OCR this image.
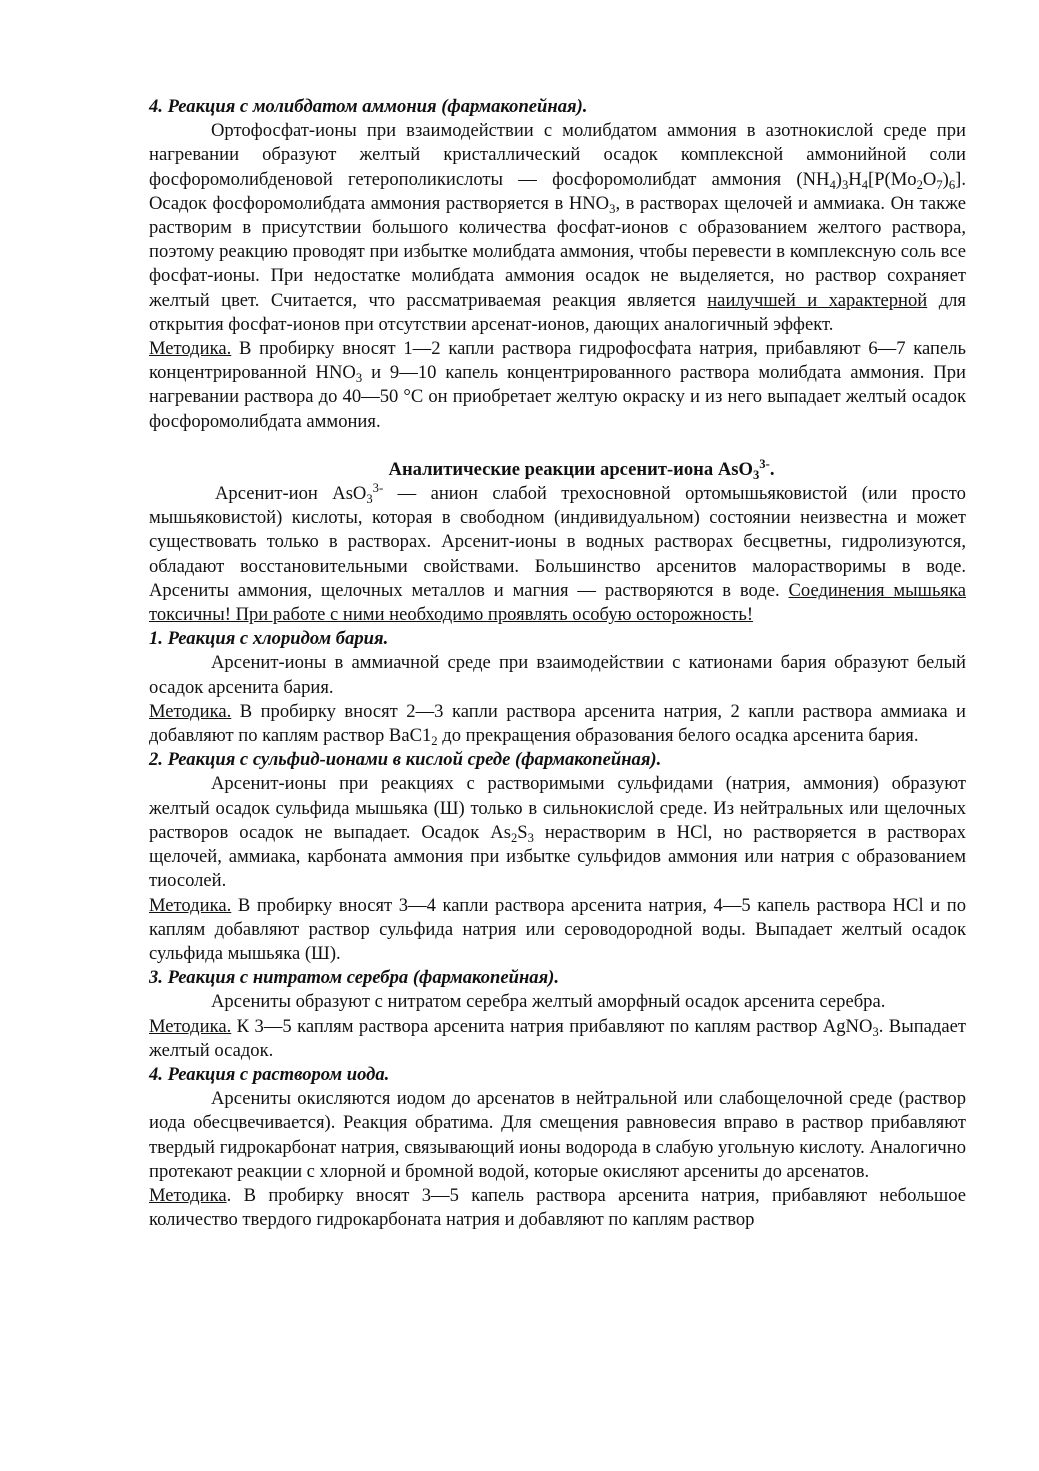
4. Реакция с молибдатом аммония (фармакопейная).
Ортофосфат-ионы при взаимодействии с молибдатом аммония в азотнокислой среде при нагревании образуют желтый кристаллический осадок комплексной аммонийной соли фосфоромолибденовой гетерополикислоты — фосфоромолибдат аммония $(NH_4)_3H_4[P(Mo_2O_7)_6]$. Осадок фосфоромолибдата аммония растворяется в $HNO_3$, в растворах щелочей и аммиака. Он также растворим в присутствии большого количества фосфат-ионов с образованием желтого раствора, поэтому реакцию проводят при избытке молибдата аммония, чтобы перевести в комплексную соль все фосфат-ионы. При недостатке молибдата аммония осадок не выделяется, но раствор сохраняет желтый цвет. Считается, что рассматриваемая реакция является наилучшей и характерной для открытия фосфат-ионов при отсутствии арсенат-ионов, дающих аналогичный эффект.
Методика. В пробирку вносят 1—2 капли раствора гидрофосфата натрия, прибавляют 6—7 капель концентрированной $HNO_3$ и 9—10 капель концентрированного раствора молибдата аммония. При нагревании раствора до 40—50 °С он приобретает желтую окраску и из него выпадает желтый осадок фосфоромолибдата аммония.
Аналитические реакции арсенит-иона AsO$_3^{3-}$.
Арсенит-ион AsO$_3^{3-}$ — анион слабой трехосновной ортомышьяковистой (или просто мышьяковистой) кислоты, которая в свободном (индивидуальном) состоянии неизвестна и может существовать только в растворах. Арсенит-ионы в водных растворах бесцветны, гидролизуются, обладают восстановительными свойствами. Большинство арсенитов малорастворимы в воде. Арсениты аммония, щелочных металлов и магния — растворяются в воде. Соединения мышьяка токсичны! При работе с ними необходимо проявлять особую осторожность!
1. Реакция с хлоридом бария.
Арсенит-ионы в аммиачной среде при взаимодействии с катионами бария образуют белый осадок арсенита бария.
Методика. В пробирку вносят 2—3 капли раствора арсенита натрия, 2 капли раствора аммиака и добавляют по каплям раствор $BaC1_2$ до прекращения образования белого осадка арсенита бария.
2. Реакция с сульфид-ионами в кислой среде (фармакопейная).
Арсенит-ионы при реакциях с растворимыми сульфидами (натрия, аммония) образуют желтый осадок сульфида мышьяка (Ш) только в сильнокислой среде. Из нейтральных или щелочных растворов осадок не выпадает. Осадок $As_2S_3$ нерастворим в HCl, но растворяется в растворах щелочей, аммиака, карбоната аммония при избытке сульфидов аммония или натрия с образованием тиосолей.
Методика. В пробирку вносят 3—4 капли раствора арсенита натрия, 4—5 капель раствора HCl и по каплям добавляют раствор сульфида натрия или сероводородной воды. Выпадает желтый осадок сульфида мышьяка (Ш).
3. Реакция с нитратом серебра (фармакопейная).
Арсениты образуют с нитратом серебра желтый аморфный осадок арсенита серебра.
Методика. К 3—5 каплям раствора арсенита натрия прибавляют по каплям раствор AgNO$_3$. Выпадает желтый осадок.
4. Реакция с раствором иода.
Арсениты окисляются иодом до арсенатов в нейтральной или слабощелочной среде (раствор иода обесцвечивается). Реакция обратима. Для смещения равновесия вправо в раствор прибавляют твердый гидрокарбонат натрия, связывающий ионы водорода в слабую угольную кислоту. Аналогично протекают реакции с хлорной и бромной водой, которые окисляют арсениты до арсенатов.
Методика. В пробирку вносят 3—5 капель раствора арсенита натрия, прибавляют небольшое количество твердого гидрокарбоната натрия и добавляют по каплям раствор
